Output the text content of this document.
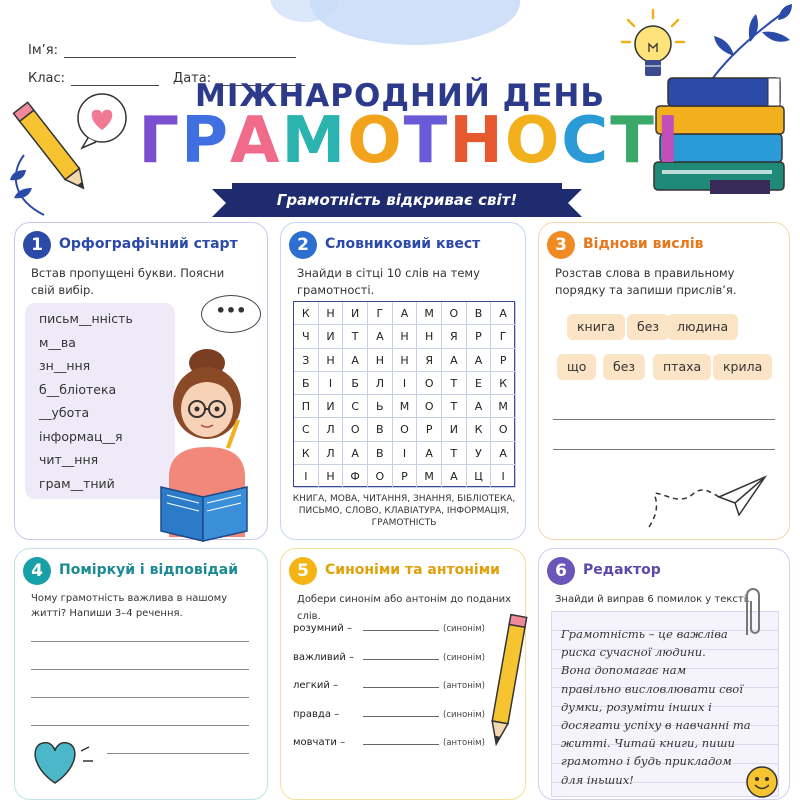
Ім’я:
Клас:	Дата:
МІЖНАРОДНИЙ ДЕНЬ
ГРАМОТНОСТІ
Грамотність відкриває світ!
1	Орфографічний старт
Встав пропущені букви. Поясни свій вибір.
•••
письм__нність
м__ва
зн__ння
б__бліотека
__убота
інформац__я
чит__ння
грам__тний
2	Словниковий квест
Знайди в сітці 10 слів на тему грамотності.
К	Н	И	Г	А	М	О	В	А
Ч	И	Т	А	Н	Н	Я	Р	Г
З	Н	А	Н	Н	Я	А	А	Р
Б	І	Б	Л	І	О	Т	Е	К
П	И	С	Ь	М	О	Т	А	М
С	Л	О	В	О	Р	И	К	О
К	Л	А	В	І	А	Т	У	А
І	Н	Ф	О	Р	М	А	Ц	І
КНИГА, МОВА, ЧИТАННЯ, ЗНАННЯ, БІБЛІОТЕКА, ПИСЬМО, СЛОВО, КЛАВІАТУРА, ІНФОРМАЦІЯ, ГРАМОТНІСТЬ
3	Віднови вислів
Розстав слова в правильному порядку та запиши прислів’я.
книга	без	людина
що	без	птаха	крила
4	Поміркуй і відповідай
Чому грамотність важлива в нашому житті? Напиши 3–4 речення.
5	Синоніми та антоніми
Добери синонім або антонім до поданих слів.
розумний –	(синонім)
важливий –	(синонім)
легкий –	(антонім)
правда –	(синонім)
мовчати –	(антонім)
6	Редактор
Знайди й виправ 6 помилок у тексті.
Грамотність – це важліва
риска сучасної людини.
Вона допомагає нам
правільно висловлювати свої
думки, розуміти інших і
досягати успіху в навчанні та
житті. Читай книги, пиши
грамотно і будь прикладом
для іньших!
